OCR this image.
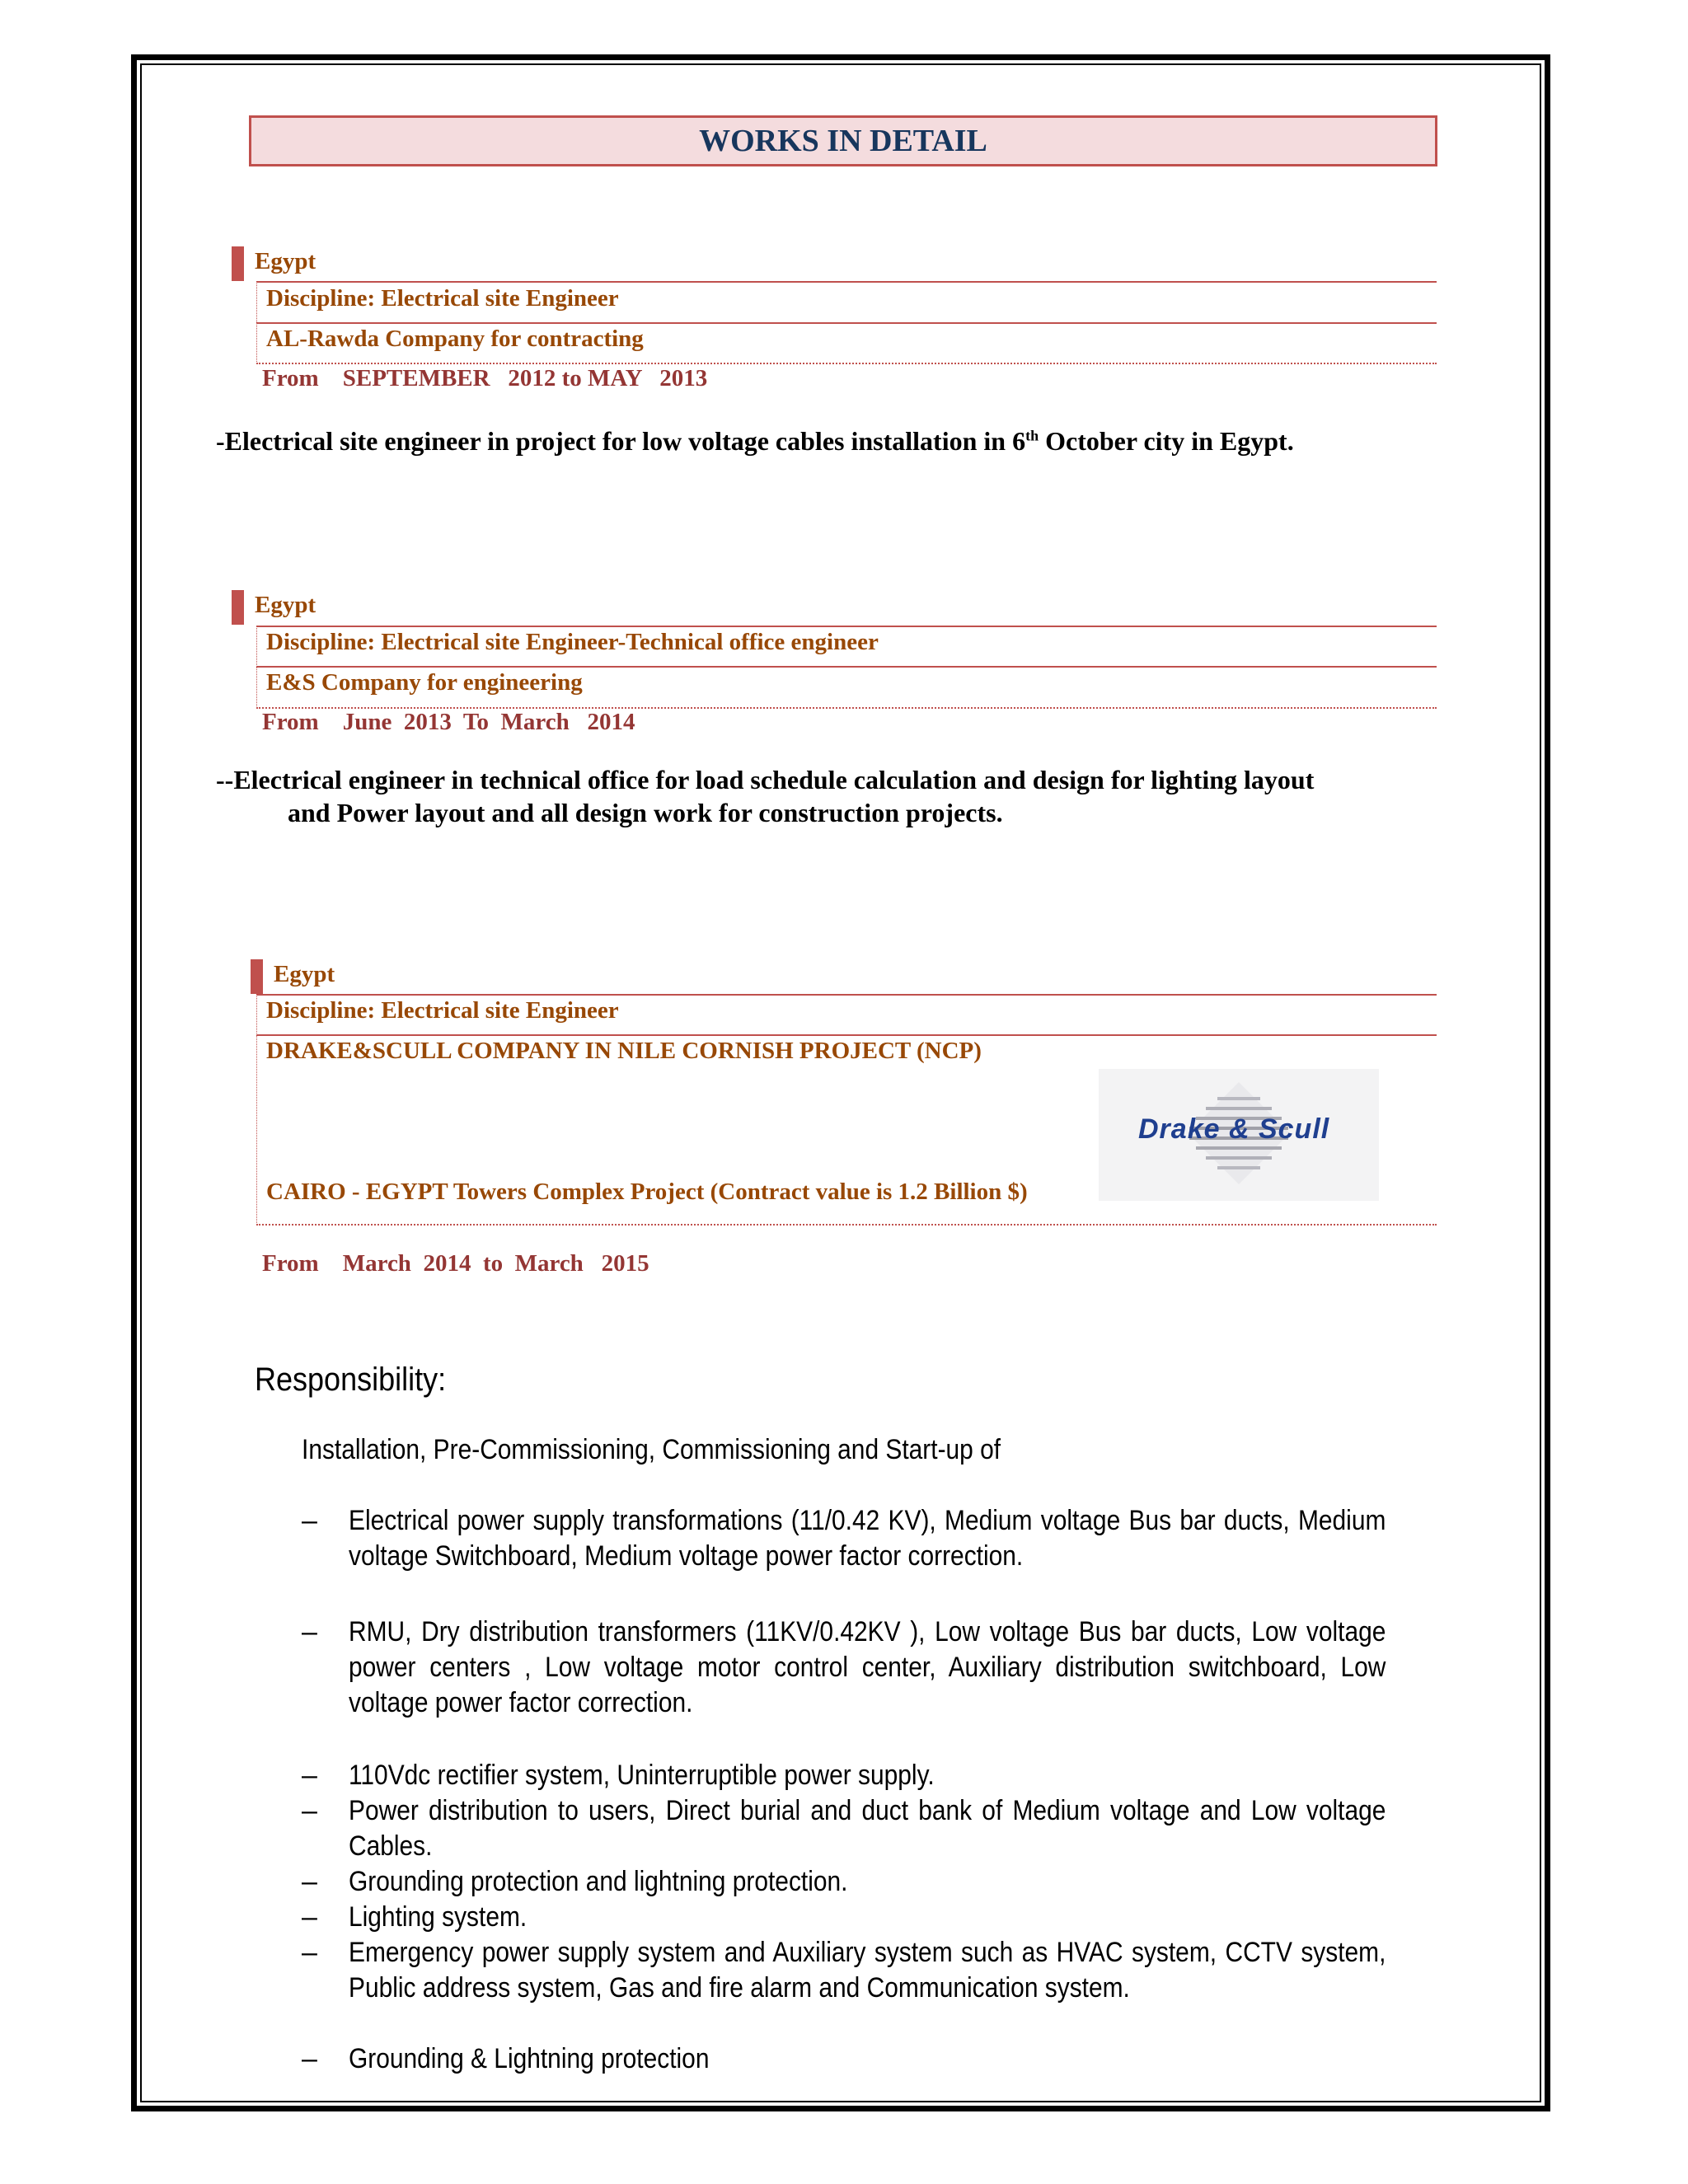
WORKS IN DETAIL
Egypt
Discipline: Electrical site Engineer
AL-Rawda Company for contracting
From    SEPTEMBER   2012 to MAY   2013
-Electrical site engineer in project for low voltage cables installation in 6th October city in Egypt.
Egypt
Discipline: Electrical site Engineer-Technical office engineer
E&S Company for engineering
From    June  2013  To  March   2014
--Electrical engineer in technical office for load schedule calculation and design for lighting layout
and Power layout and all design work for construction projects.
Egypt
Discipline: Electrical site Engineer
DRAKE&SCULL COMPANY IN NILE CORNISH PROJECT (NCP)
CAIRO - EGYPT Towers Complex Project (Contract value is 1.2 Billion $)
From    March  2014  to  March   2015
Drake & Scull
Responsibility:
Installation, Pre-Commissioning, Commissioning and Start-up of
– Electrical power supply transformations (11/0.42 KV), Medium voltage Bus bar ducts, Medium voltage Switchboard, Medium voltage power factor correction.
– RMU, Dry distribution transformers (11KV/0.42KV ), Low voltage Bus bar ducts, Low voltage power centers , Low voltage motor control center, Auxiliary distribution switchboard, Low voltage power factor correction.
– 110Vdc rectifier system, Uninterruptible power supply.
– Power distribution to users, Direct burial and duct bank of Medium voltage and Low voltage Cables.
– Grounding protection and lightning protection.
– Lighting system.
– Emergency power supply system and Auxiliary system such as HVAC system, CCTV system, Public address system, Gas and fire alarm and Communication system.
– Grounding & Lightning protection
